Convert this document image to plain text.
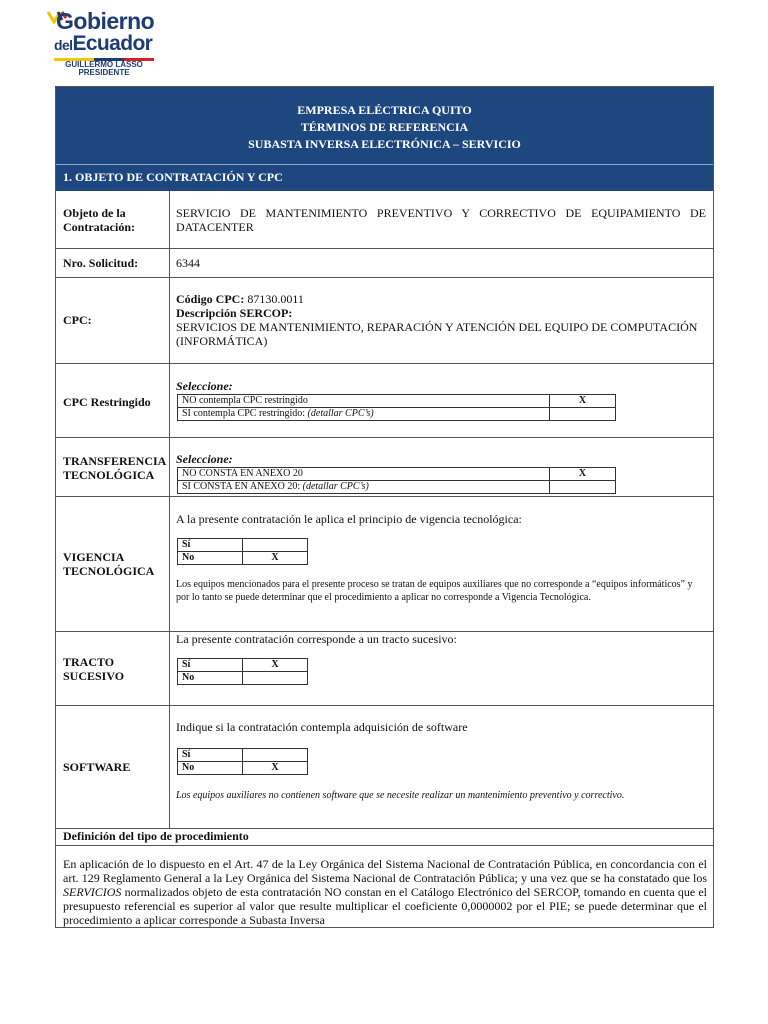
Gobierno
delEcuador
GUILLERMO LASSO
PRESIDENTE
EMPRESA ELÉCTRICA QUITO
TÉRMINOS DE REFERENCIA
SUBASTA INVERSA ELECTRÓNICA – SERVICIO
1. OBJETO DE CONTRATACIÓN Y CPC
Objeto de la
Contratación:
SERVICIO DE MANTENIMIENTO PREVENTIVO Y CORRECTIVO DE EQUIPAMIENTO DE DATACENTER
Nro. Solicitud:	6344
CPC:
Código CPC: 87130.0011
Descripción SERCOP:
SERVICIOS DE MANTENIMIENTO, REPARACIÓN Y ATENCIÓN DEL EQUIPO DE COMPUTACIÓN (INFORMÁTICA)
CPC Restringido
Seleccione:
NO contempla CPC restringido	X
SI contempla CPC restringido: (detallar CPC’s)	
TRANSFERENCIA
TECNOLÓGICA
Seleccione:
NO CONSTA EN ANEXO 20	X
SI CONSTA EN ANEXO 20: (detallar CPC’s)	
VIGENCIA
TECNOLÓGICA
A la presente contratación le aplica el principio de vigencia tecnológica:
Sí	
No	X
Los equipos mencionados para el presente proceso se tratan de equipos auxiliares que no corresponde a “equipos informáticos” y por lo tanto se puede determinar que el procedimiento a aplicar no corresponde a Vigencia Tecnológica.
TRACTO
SUCESIVO
La presente contratación corresponde a un tracto sucesivo:
Sí	X
No	
SOFTWARE
Indique si la contratación contempla adquisición de software
Sí	
No	X
Los equipos auxiliares no contienen software que se necesite realizar un mantenimiento preventivo y correctivo.
Definición del tipo de procedimiento
En aplicación de lo dispuesto en el Art. 47 de la Ley Orgánica del Sistema Nacional de Contratación Pública, en concordancia con el art. 129 Reglamento General a la Ley Orgánica del Sistema Nacional de Contratación Pública; y una vez que se ha constatado que los SERVICIOS normalizados objeto de esta contratación NO constan en el Catálogo Electrónico del SERCOP, tomando en cuenta que el presupuesto referencial es superior al valor que resulte multiplicar el coeficiente 0,0000002 por el PIE; se puede determinar que el procedimiento a aplicar corresponde a Subasta Inversa
